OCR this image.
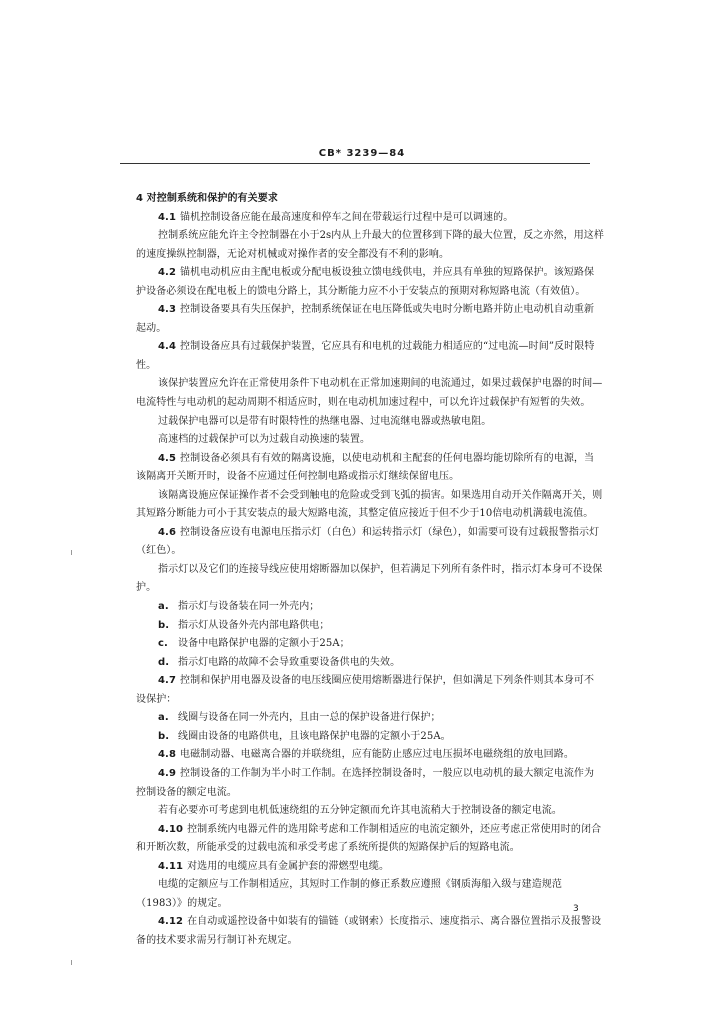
CB* 3239—84

4 对控制系统和保护的有关要求

4.1 锚机控制设备应能在最高速度和停车之间在带载运行过程中是可以调速的。

控制系统应能允许主令控制器在小于2s内从上升最大的位置移到下降的最大位置，反之亦然，用这样的速度操纵控制器，无论对机械或对操作者的安全都没有不利的影响。

4.2 锚机电动机应由主配电板或分配电板设独立馈电线供电，并应具有单独的短路保护。该短路保护设备必须设在配电板上的馈电分路上，其分断能力应不小于安装点的预期对称短路电流（有效值）。

4.3 控制设备要具有失压保护，控制系统保证在电压降低或失电时分断电路并防止电动机自动重新起动。

4.4 控制设备应具有过载保护装置，它应具有和电机的过载能力相适应的“过电流—时间”反时限特性。

该保护装置应允许在正常使用条件下电动机在正常加速期间的电流通过，如果过载保护电器的时间—电流特性与电动机的起动周期不相适应时，则在电动机加速过程中，可以允许过载保护有短暂的失效。

过载保护电器可以是带有时限特性的热继电器、过电流继电器或热敏电阻。

高速档的过载保护可以为过载自动换速的装置。

4.5 控制设备必须具有有效的隔离设施，以使电动机和主配套的任何电器均能切除所有的电源，当该隔离开关断开时，设备不应通过任何控制电路或指示灯继续保留电压。

该隔离设施应保证操作者不会受到触电的危险或受到飞弧的损害。如果选用自动开关作隔离开关，则其短路分断能力可小于其安装点的最大短路电流，其整定值应接近于但不少于10倍电动机满载电流值。

4.6 控制设备应设有电源电压指示灯（白色）和运转指示灯（绿色），如需要可设有过载报警指示灯（红色）。

指示灯以及它们的连接导线应使用熔断器加以保护，但若满足下列所有条件时，指示灯本身可不设保护。

a. 指示灯与设备装在同一外壳内；

b. 指示灯从设备外壳内部电路供电；

c. 设备中电路保护电器的定额小于25A；

d. 指示灯电路的故障不会导致重要设备供电的失效。

4.7 控制和保护用电器及设备的电压线圈应使用熔断器进行保护，但如满足下列条件则其本身可不设保护：

a. 线圈与设备在同一外壳内，且由一总的保护设备进行保护；

b. 线圈由设备的电路供电，且该电路保护电器的定额小于25A。

4.8 电磁制动器、电磁离合器的并联绕组，应有能防止感应过电压损坏电磁绕组的放电回路。

4.9 控制设备的工作制为半小时工作制。在选择控制设备时，一般应以电动机的最大额定电流作为控制设备的额定电流。

若有必要亦可考虑到电机低速绕组的五分钟定额而允许其电流稍大于控制设备的额定电流。

4.10 控制系统内电器元件的选用除考虑和工作制相适应的电流定额外，还应考虑正常使用时的闭合和开断次数，所能承受的过载电流和承受考虑了系统所提供的短路保护后的短路电流。

4.11 对选用的电缆应具有金属护套的滞燃型电缆。

电缆的定额应与工作制相适应，其短时工作制的修正系数应遵照《钢质海船入级与建造规范（1983）》的规定。

4.12 在自动或遥控设备中如装有的锚链（或钢索）长度指示、速度指示、离合器位置指示及报警设备的技术要求需另行制订补充规定。

3
